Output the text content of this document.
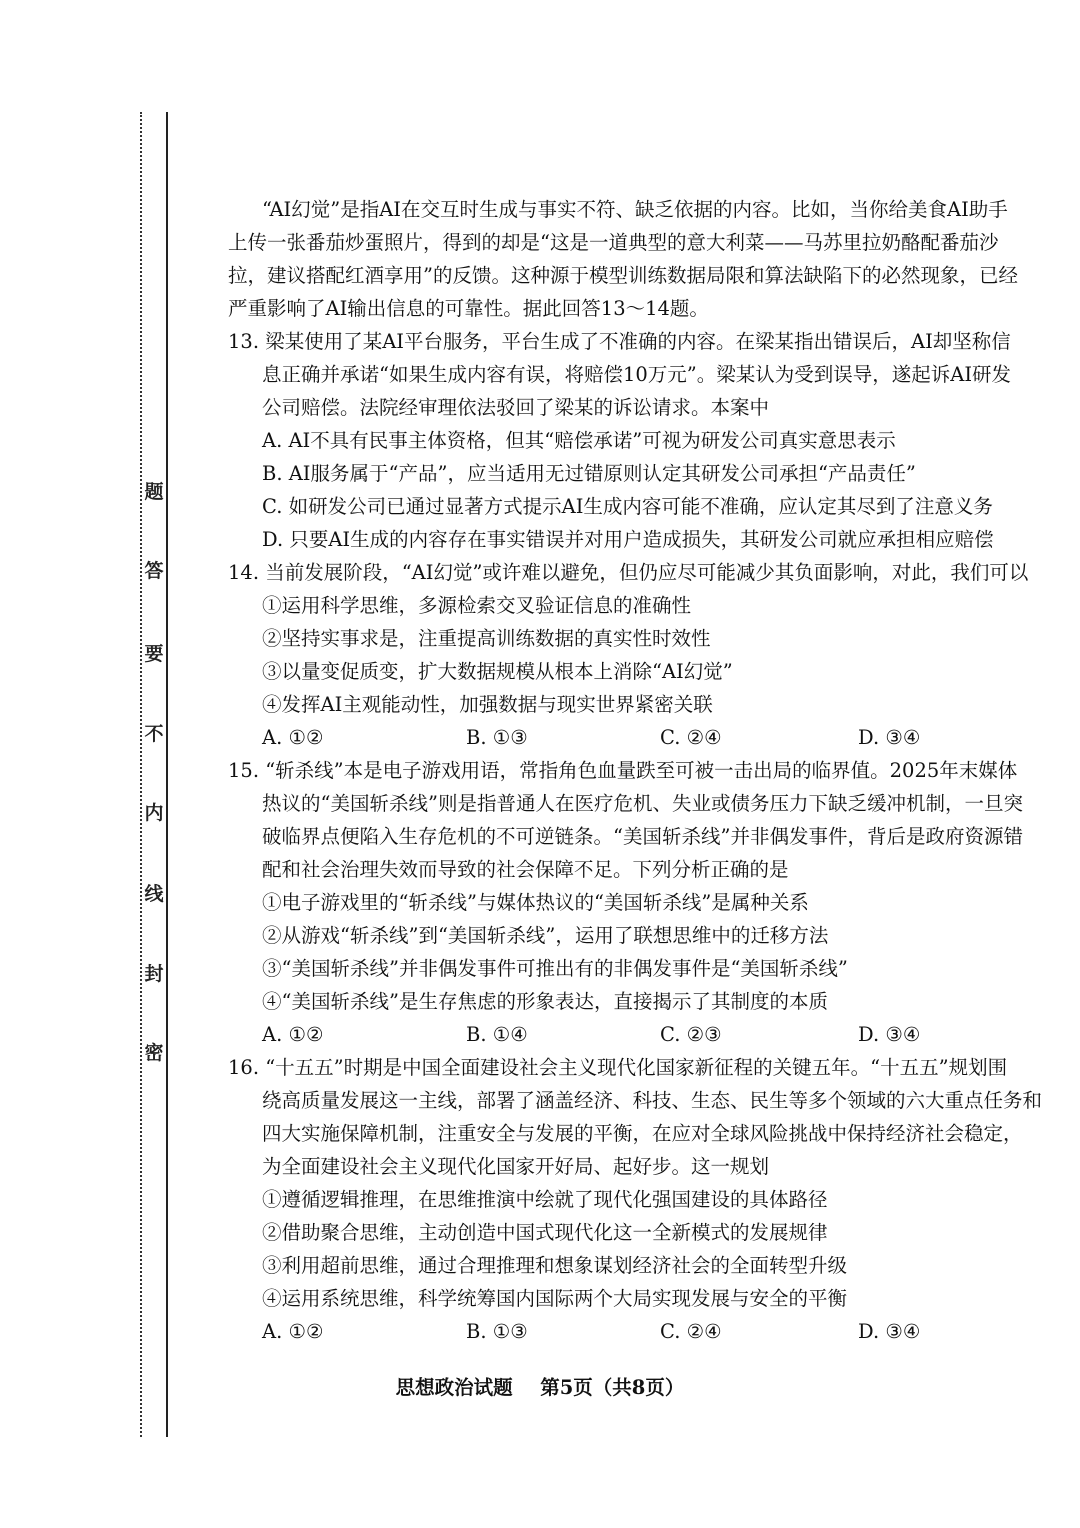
题
答
要
不
内
线
封
密
“AI幻觉”是指AI在交互时生成与事实不符、缺乏依据的内容。比如，当你给美食AI助手
上传一张番茄炒蛋照片，得到的却是“这是一道典型的意大利菜——马苏里拉奶酪配番茄沙
拉，建议搭配红酒享用”的反馈。这种源于模型训练数据局限和算法缺陷下的必然现象，已经
严重影响了AI输出信息的可靠性。据此回答13～14题。
13. 梁某使用了某AI平台服务，平台生成了不准确的内容。在梁某指出错误后，AI却坚称信
息正确并承诺“如果生成内容有误，将赔偿10万元”。梁某认为受到误导，遂起诉AI研发
公司赔偿。法院经审理依法驳回了梁某的诉讼请求。本案中
A. AI不具有民事主体资格，但其“赔偿承诺”可视为研发公司真实意思表示
B. AI服务属于“产品”，应当适用无过错原则认定其研发公司承担“产品责任”
C. 如研发公司已通过显著方式提示AI生成内容可能不准确，应认定其尽到了注意义务
D. 只要AI生成的内容存在事实错误并对用户造成损失，其研发公司就应承担相应赔偿
14. 当前发展阶段，“AI幻觉”或许难以避免，但仍应尽可能减少其负面影响，对此，我们可以
①运用科学思维，多源检索交叉验证信息的准确性
②坚持实事求是，注重提高训练数据的真实性时效性
③以量变促质变，扩大数据规模从根本上消除“AI幻觉”
④发挥AI主观能动性，加强数据与现实世界紧密关联
A. ①②	B. ①③	C. ②④	D. ③④
15. “斩杀线”本是电子游戏用语，常指角色血量跌至可被一击出局的临界值。2025年末媒体
热议的“美国斩杀线”则是指普通人在医疗危机、失业或债务压力下缺乏缓冲机制，一旦突
破临界点便陷入生存危机的不可逆链条。“美国斩杀线”并非偶发事件，背后是政府资源错
配和社会治理失效而导致的社会保障不足。下列分析正确的是
①电子游戏里的“斩杀线”与媒体热议的“美国斩杀线”是属种关系
②从游戏“斩杀线”到“美国斩杀线”，运用了联想思维中的迁移方法
③“美国斩杀线”并非偶发事件可推出有的非偶发事件是“美国斩杀线”
④“美国斩杀线”是生存焦虑的形象表达，直接揭示了其制度的本质
A. ①②	B. ①④	C. ②③	D. ③④
16. “十五五”时期是中国全面建设社会主义现代化国家新征程的关键五年。“十五五”规划围
绕高质量发展这一主线，部署了涵盖经济、科技、生态、民生等多个领域的六大重点任务和
四大实施保障机制，注重安全与发展的平衡，在应对全球风险挑战中保持经济社会稳定，
为全面建设社会主义现代化国家开好局、起好步。这一规划
①遵循逻辑推理，在思维推演中绘就了现代化强国建设的具体路径
②借助聚合思维，主动创造中国式现代化这一全新模式的发展规律
③利用超前思维，通过合理推理和想象谋划经济社会的全面转型升级
④运用系统思维，科学统筹国内国际两个大局实现发展与安全的平衡
A. ①②	B. ①③	C. ②④	D. ③④
思想政治试题 第5页（共8页）
